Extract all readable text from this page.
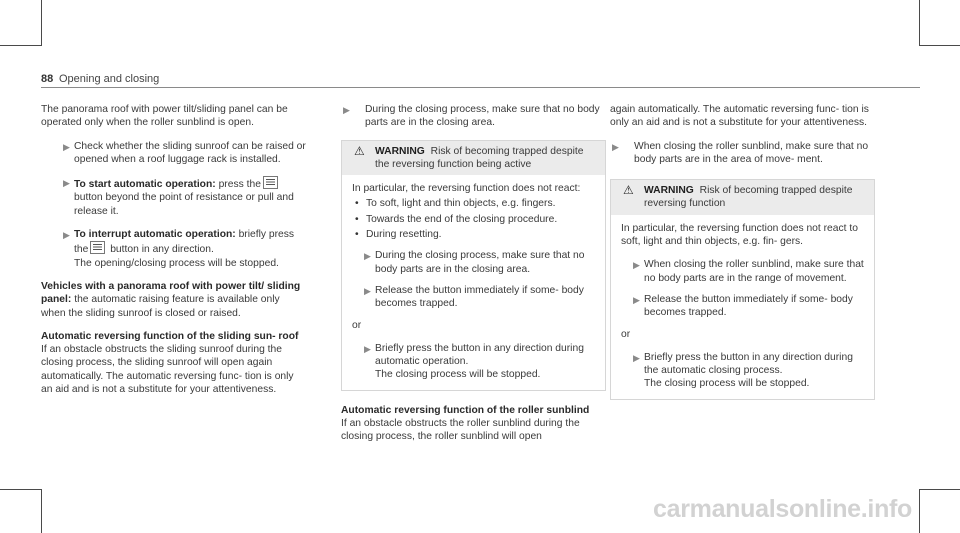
88 Opening and closing

The panorama roof with power tilt/sliding panel can be operated only when the roller sunblind is open.

▶ Check whether the sliding sunroof can be raised or opened when a roof luggage rack is installed.
▶ To start automatic operation: press the button beyond the point of resistance or pull and release it.
▶ To interrupt automatic operation: briefly press the button in any direction.
The opening/closing process will be stopped.

Vehicles with a panorama roof with power tilt/ sliding panel: the automatic raising feature is available only when the sliding sunroof is closed or raised.

Automatic reversing function of the sliding sun- roof

If an obstacle obstructs the sliding sunroof during the closing process, the sliding sunroof will open again automatically. The automatic reversing func- tion is only an aid and is not a substitute for your attentiveness.

▶ During the closing process, make sure that no body parts are in the closing area.
⚠ WARNING Risk of becoming trapped despite the reversing function being active

In particular, the reversing function does not react:

• To soft, light and thin objects, e.g. fingers.
• Towards the end of the closing procedure.
• During resetting.
▶ During the closing process, make sure that no body parts are in the closing area.
▶ Release the button immediately if some- body becomes trapped.

or

▶ Briefly press the button in any direction during automatic operation.
The closing process will be stopped.

Automatic reversing function of the roller sunblind

If an obstacle obstructs the roller sunblind during the closing process, the roller sunblind will open

again automatically. The automatic reversing func- tion is only an aid and is not a substitute for your attentiveness.

▶ When closing the roller sunblind, make sure that no body parts are in the area of move- ment.
⚠ WARNING Risk of becoming trapped despite reversing function

In particular, the reversing function does not react to soft, light and thin objects, e.g. fin- gers.

▶ When closing the roller sunblind, make sure that no body parts are in the range of movement.
▶ Release the button immediately if some- body becomes trapped.

or

▶ Briefly press the button in any direction during the automatic closing process.
The closing process will be stopped.
carmanualsonline.info
